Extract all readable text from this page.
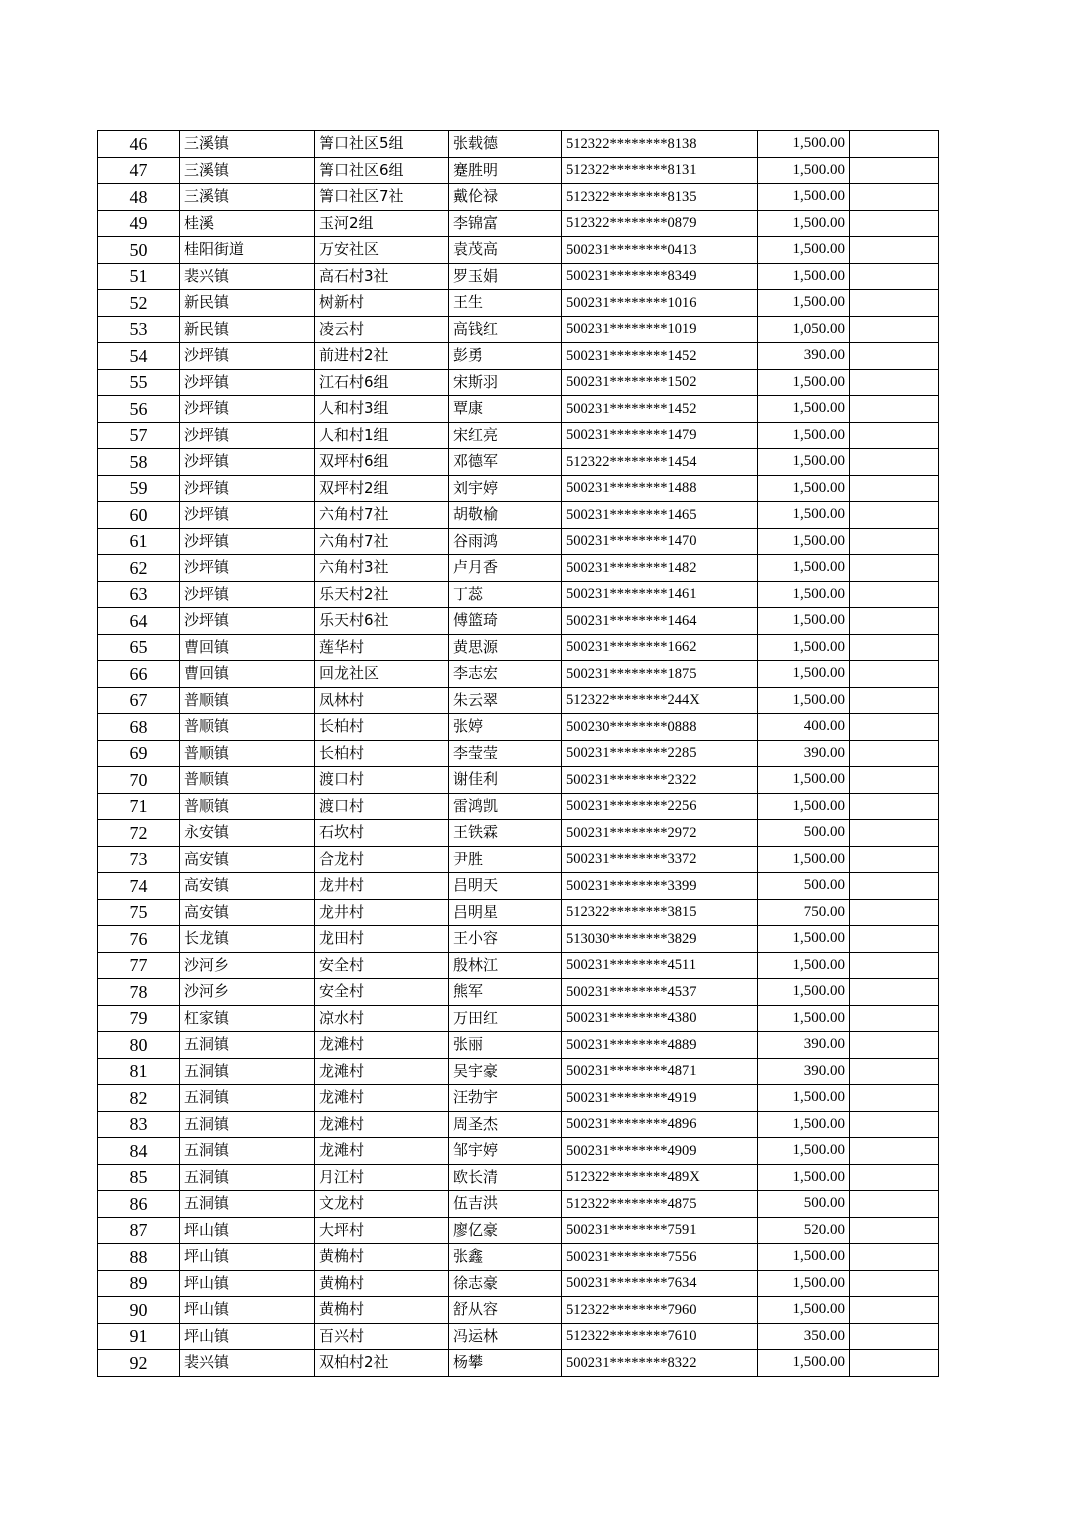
46	三溪镇	箐口社区5组	张载德	512322********8138	1,500.00	
47	三溪镇	箐口社区6组	蹇胜明	512322********8131	1,500.00	
48	三溪镇	箐口社区7社	戴伦禄	512322********8135	1,500.00	
49	桂溪	玉河2组	李锦富	512322********0879	1,500.00	
50	桂阳街道	万安社区	袁茂高	500231********0413	1,500.00	
51	裴兴镇	高石村3社	罗玉娟	500231********8349	1,500.00	
52	新民镇	树新村	王生	500231********1016	1,500.00	
53	新民镇	凌云村	高钱红	500231********1019	1,050.00	
54	沙坪镇	前进村2社	彭勇	500231********1452	390.00	
55	沙坪镇	江石村6组	宋斯羽	500231********1502	1,500.00	
56	沙坪镇	人和村3组	覃康	500231********1452	1,500.00	
57	沙坪镇	人和村1组	宋红亮	500231********1479	1,500.00	
58	沙坪镇	双坪村6组	邓德军	512322********1454	1,500.00	
59	沙坪镇	双坪村2组	刘宇婷	500231********1488	1,500.00	
60	沙坪镇	六角村7社	胡敬榆	500231********1465	1,500.00	
61	沙坪镇	六角村7社	谷雨鸿	500231********1470	1,500.00	
62	沙坪镇	六角村3社	卢月香	500231********1482	1,500.00	
63	沙坪镇	乐天村2社	丁蕊	500231********1461	1,500.00	
64	沙坪镇	乐天村6社	傅篮琦	500231********1464	1,500.00	
65	曹回镇	莲华村	黄思源	500231********1662	1,500.00	
66	曹回镇	回龙社区	李志宏	500231********1875	1,500.00	
67	普顺镇	凤林村	朱云翠	512322********244X	1,500.00	
68	普顺镇	长柏村	张婷	500230********0888	400.00	
69	普顺镇	长柏村	李莹莹	500231********2285	390.00	
70	普顺镇	渡口村	谢佳利	500231********2322	1,500.00	
71	普顺镇	渡口村	雷鸿凯	500231********2256	1,500.00	
72	永安镇	石坎村	王铁霖	500231********2972	500.00	
73	高安镇	合龙村	尹胜	500231********3372	1,500.00	
74	高安镇	龙井村	吕明天	500231********3399	500.00	
75	高安镇	龙井村	吕明星	512322********3815	750.00	
76	长龙镇	龙田村	王小容	513030********3829	1,500.00	
77	沙河乡	安全村	殷林江	500231********4511	1,500.00	
78	沙河乡	安全村	熊军	500231********4537	1,500.00	
79	杠家镇	凉水村	万田红	500231********4380	1,500.00	
80	五洞镇	龙滩村	张丽	500231********4889	390.00	
81	五洞镇	龙滩村	吴宇豪	500231********4871	390.00	
82	五洞镇	龙滩村	汪勃宇	500231********4919	1,500.00	
83	五洞镇	龙滩村	周圣杰	500231********4896	1,500.00	
84	五洞镇	龙滩村	邹宇婷	500231********4909	1,500.00	
85	五洞镇	月江村	欧长清	512322********489X	1,500.00	
86	五洞镇	文龙村	伍吉洪	512322********4875	500.00	
87	坪山镇	大坪村	廖亿豪	500231********7591	520.00	
88	坪山镇	黄桷村	张鑫	500231********7556	1,500.00	
89	坪山镇	黄桷村	徐志豪	500231********7634	1,500.00	
90	坪山镇	黄桷村	舒从容	512322********7960	1,500.00	
91	坪山镇	百兴村	冯运林	512322********7610	350.00	
92	裴兴镇	双柏村2社	杨攀	500231********8322	1,500.00	
